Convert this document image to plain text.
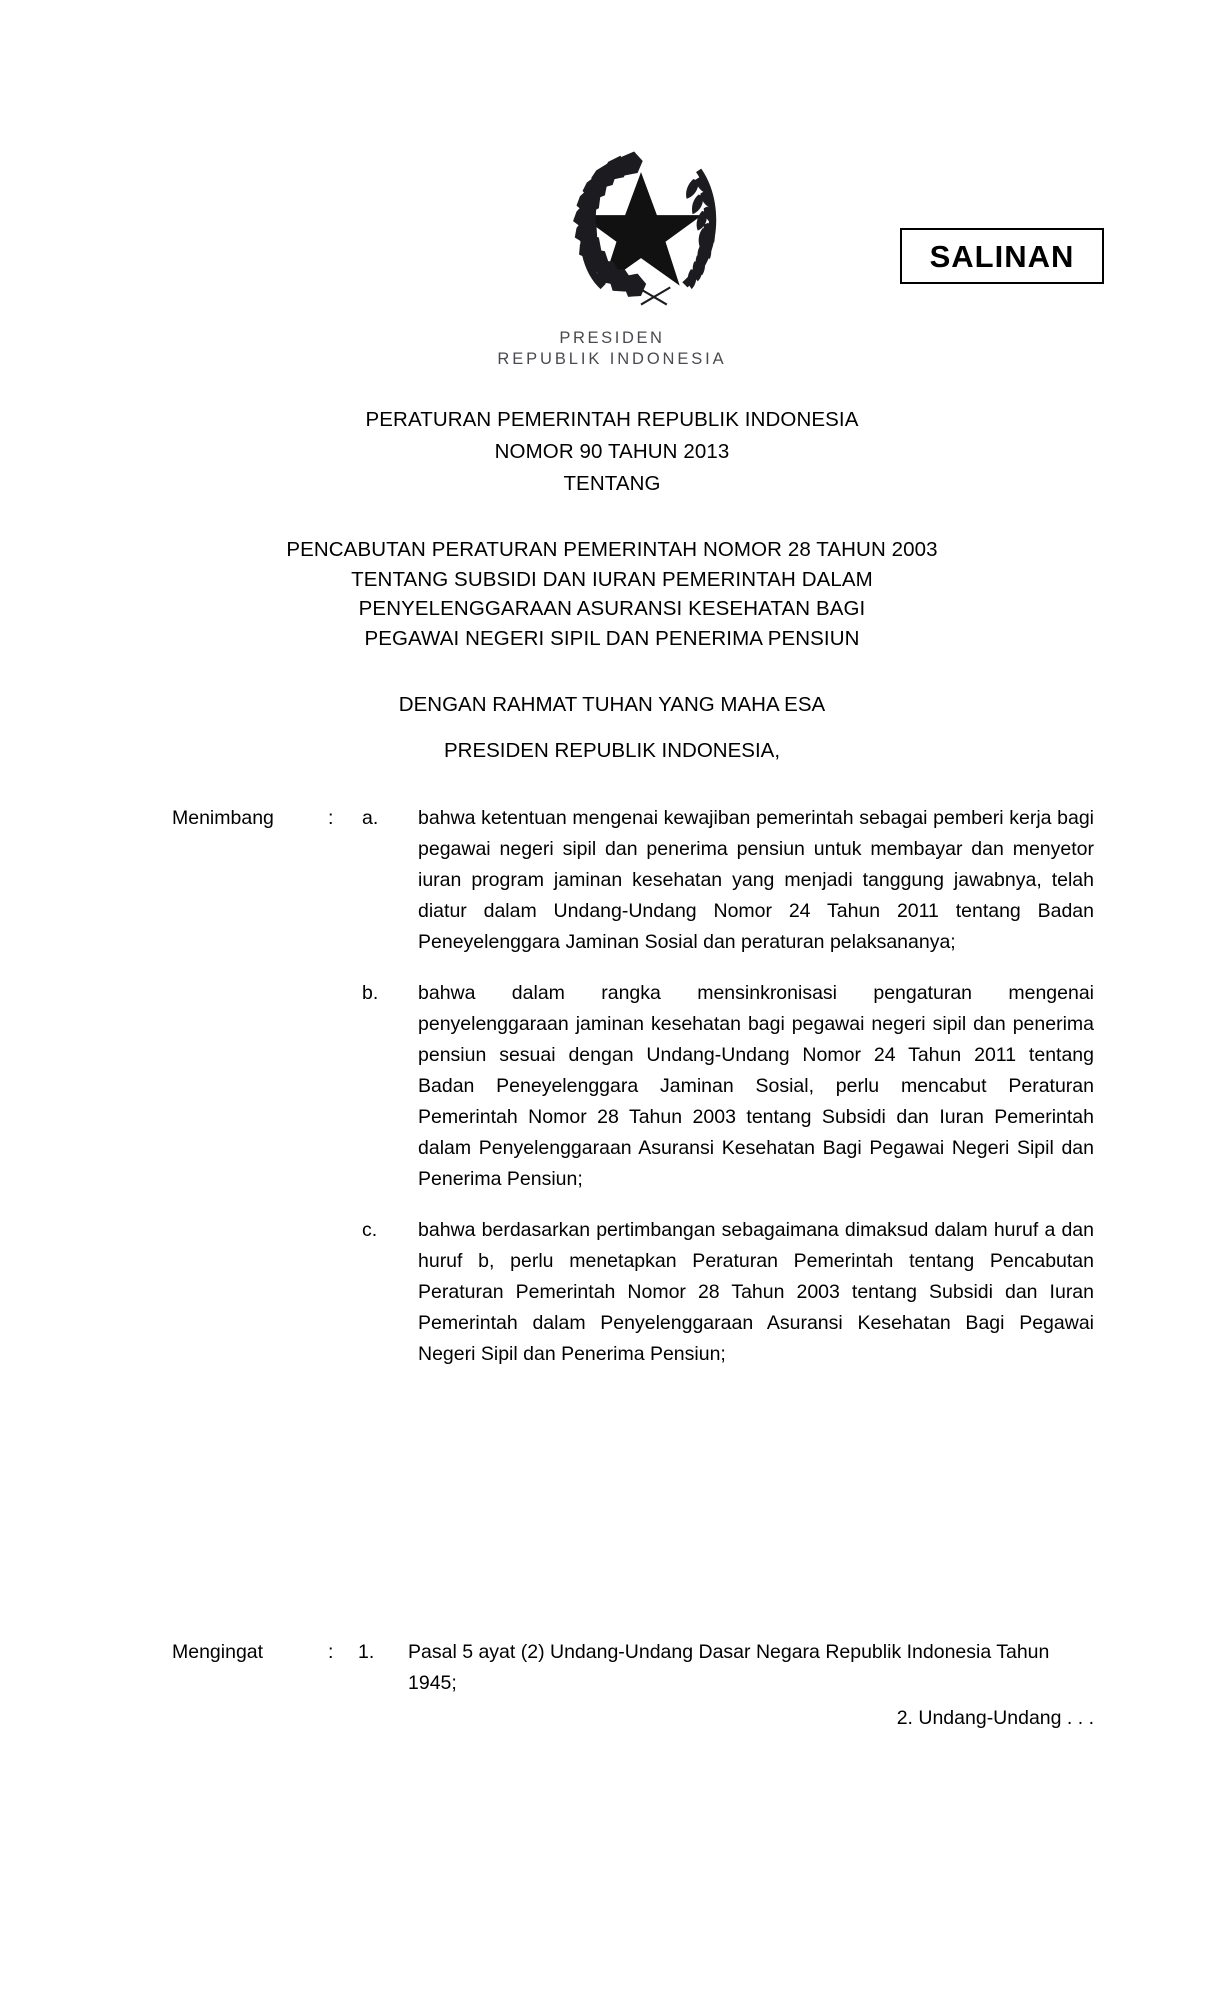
SALINAN
PRESIDEN
REPUBLIK INDONESIA
PERATURAN PEMERINTAH REPUBLIK INDONESIA
NOMOR 90 TAHUN 2013
TENTANG
PENCABUTAN PERATURAN PEMERINTAH NOMOR 28 TAHUN 2003
TENTANG SUBSIDI DAN IURAN PEMERINTAH DALAM
PENYELENGGARAAN ASURANSI KESEHATAN BAGI
PEGAWAI NEGERI SIPIL DAN PENERIMA PENSIUN
DENGAN RAHMAT TUHAN YANG MAHA ESA
PRESIDEN REPUBLIK INDONESIA,
Menimbang	: a.	bahwa ketentuan mengenai kewajiban pemerintah sebagai pemberi kerja bagi pegawai negeri sipil dan penerima pensiun untuk membayar dan menyetor iuran program jaminan kesehatan yang menjadi tanggung jawabnya, telah diatur dalam Undang-Undang Nomor 24 Tahun 2011 tentang Badan Peneyelenggara Jaminan Sosial dan peraturan pelaksananya;
b.	bahwa dalam rangka mensinkronisasi pengaturan mengenai penyelenggaraan jaminan kesehatan bagi pegawai negeri sipil dan penerima pensiun sesuai dengan Undang-Undang Nomor 24 Tahun 2011 tentang Badan Peneyelenggara Jaminan Sosial, perlu mencabut Peraturan Pemerintah Nomor 28 Tahun 2003 tentang Subsidi dan Iuran Pemerintah dalam Penyelenggaraan Asuransi Kesehatan Bagi Pegawai Negeri Sipil dan Penerima Pensiun;
c.	bahwa berdasarkan pertimbangan sebagaimana dimaksud dalam huruf a dan huruf b, perlu menetapkan Peraturan Pemerintah tentang Pencabutan Peraturan Pemerintah Nomor 28 Tahun 2003 tentang Subsidi dan Iuran Pemerintah dalam Penyelenggaraan Asuransi Kesehatan Bagi Pegawai Negeri Sipil dan Penerima Pensiun;
Mengingat	: 1.	Pasal 5 ayat (2) Undang-Undang Dasar Negara Republik Indonesia Tahun 1945;
2. Undang-Undang . . .
